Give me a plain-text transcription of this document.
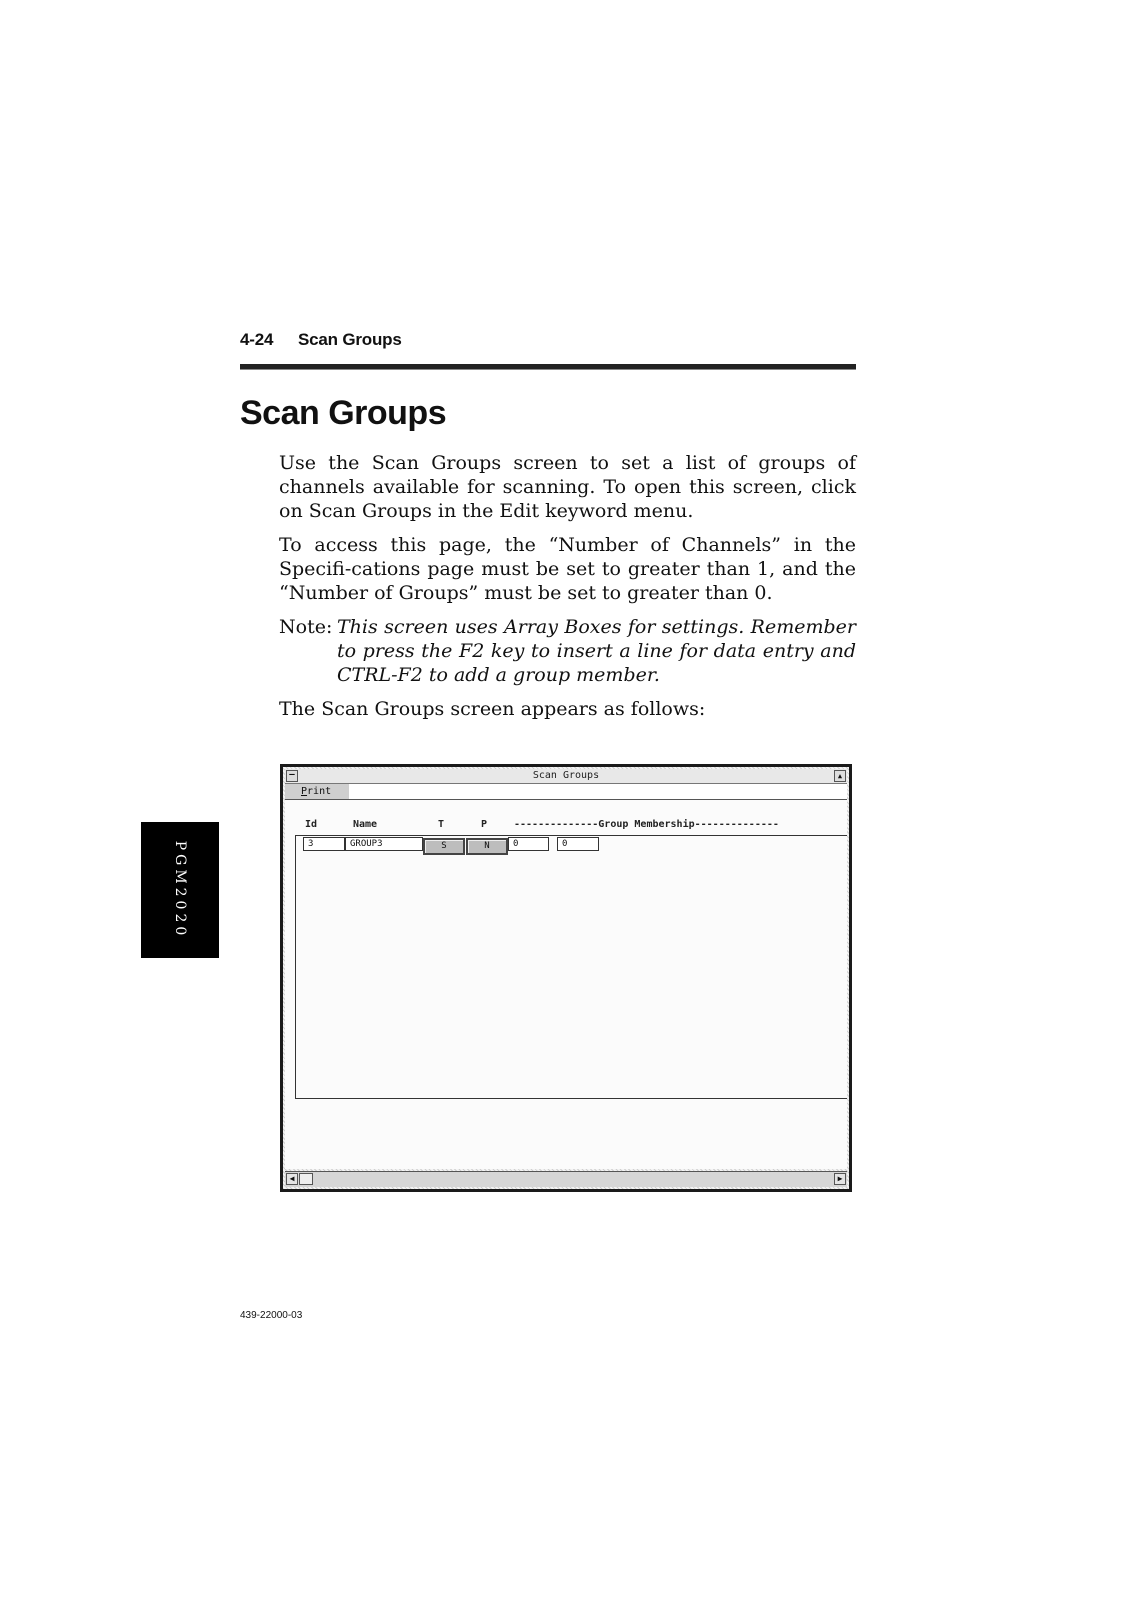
4-24 Scan Groups
Scan Groups

Use the Scan Groups screen to set a list of groups of channels available for scanning. To open this screen, click on Scan Groups in the Edit keyword menu.

To access this page, the “Number of Channels” in the Specifi-cations page must be set to greater than 1, and the “Number of Groups” must be set to greater than 0.

Note: This screen uses Array Boxes for settings. Remember to press the F2 key to insert a line for data entry and CTRL-F2 to add a group member.

The Scan Groups screen appears as follows:

PGM2020
–	Scan Groups	▲
Print
Id	Name	T	P	--------------Group Membership--------------
3	GROUP3	S	N	0	0
◀	▶
439-22000-03
